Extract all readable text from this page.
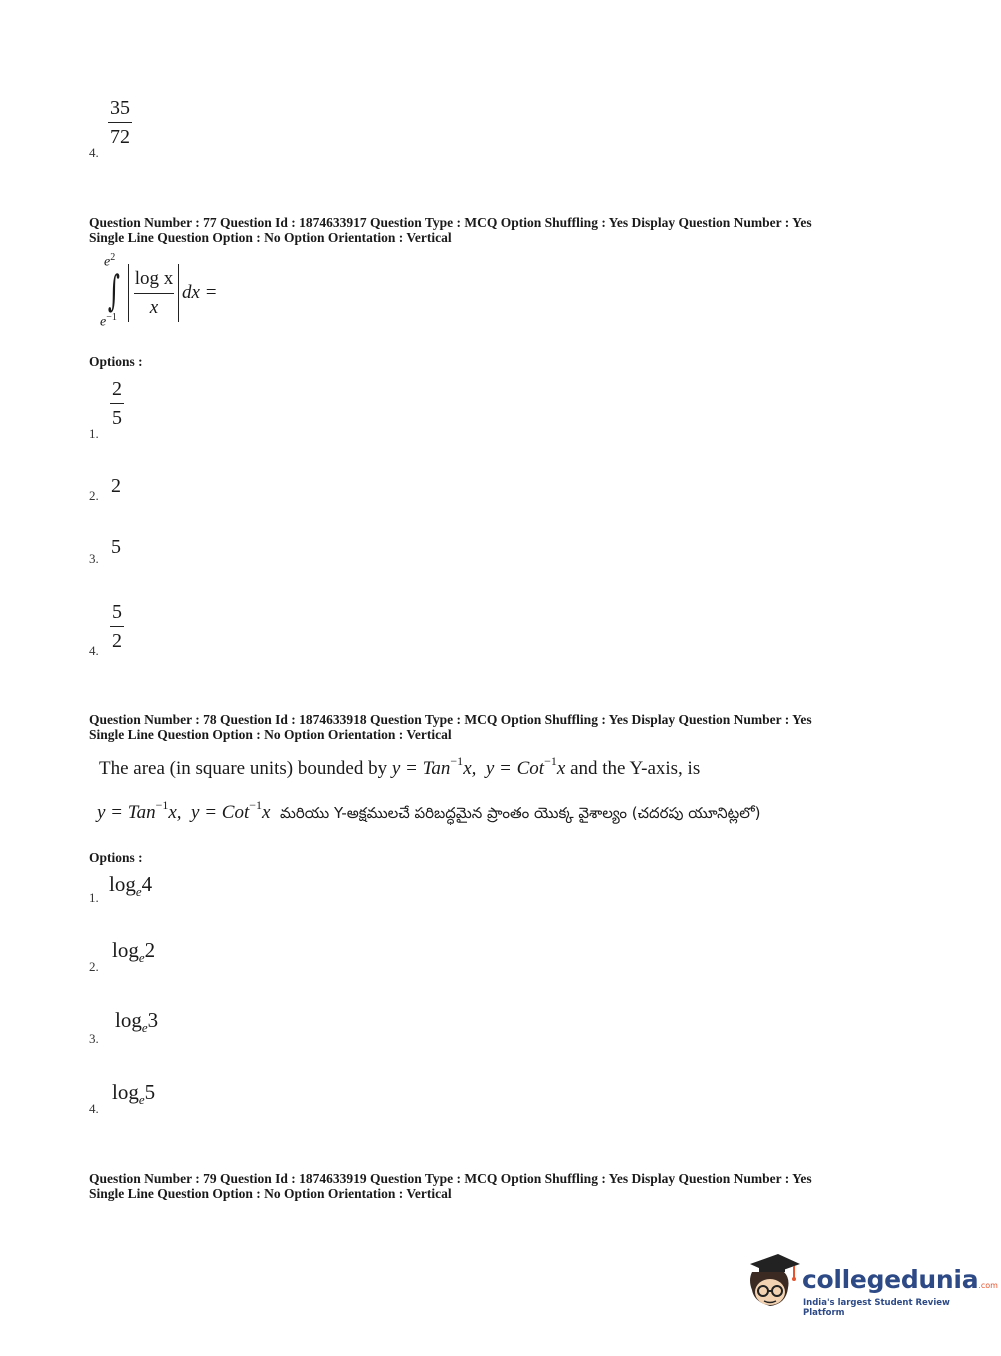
35
72
4.
Question Number : 77 Question Id : 1874633917 Question Type : MCQ Option Shuffling : Yes Display Question Number : Yes
Single Line Question Option : No Option Orientation : Vertical
$e^2$
∫
$e^{-1}$
log x
x
dx =
Options :
2
5
1.
2
2.
5
3.
5
2
4.
Question Number : 78 Question Id : 1874633918 Question Type : MCQ Option Shuffling : Yes Display Question Number : Yes
Single Line Question Option : No Option Orientation : Vertical
The area (in square units) bounded by y = Tan$^{-1}$x, y = Cot$^{-1}$x and the Y-axis, is
y = Tan$^{-1}$x, y = Cot$^{-1}$x మరియు Y-అక్షములచే పరిబద్ధమైన ప్రాంతం యొక్క వైశాల్యం (చదరపు యూనిట్లలో)
Options :
$\log_e4$
1.
$\log_e2$
2.
$\log_e3$
3.
$\log_e5$
4.
Question Number : 79 Question Id : 1874633919 Question Type : MCQ Option Shuffling : Yes Display Question Number : Yes
Single Line Question Option : No Option Orientation : Vertical
collegedunia.com
India's largest Student Review Platform
